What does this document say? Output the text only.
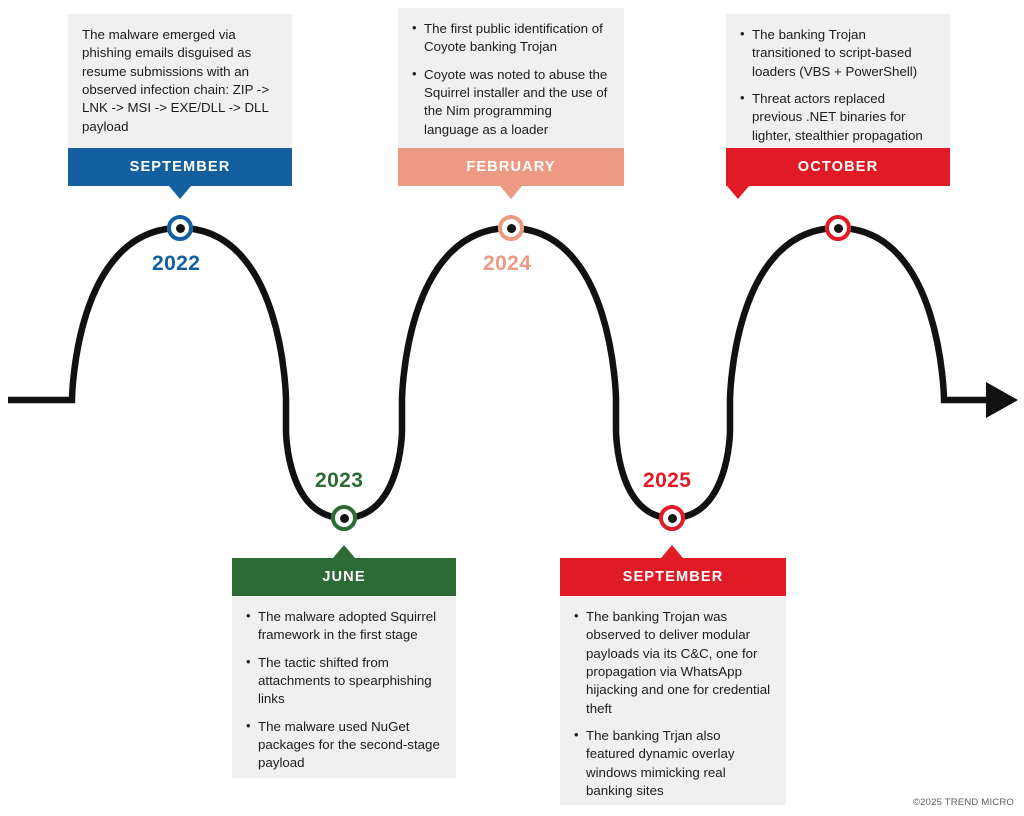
The malware emerged via phishing emails disguised as resume submissions with an observed infection chain: ZIP -> LNK -> MSI -> EXE/DLL -> DLL payload

SEPTEMBER
2022
2023
JUNE
• The malware adopted Squirrel framework in the first stage
• The tactic shifted from attachments to spearphishing links
• The malware used NuGet packages for the second-stage payload
• The first public identification of Coyote banking Trojan
• Coyote was noted to abuse the Squirrel installer and the use of the Nim programming language as a loader
FEBRUARY
2024
2025
SEPTEMBER
• The banking Trojan was observed to deliver modular payloads via its C&C, one for propagation via WhatsApp hijacking and one for credential theft
• The banking Trjan also featured dynamic overlay windows mimicking real banking sites
• The banking Trojan transitioned to script-based loaders (VBS + PowerShell)
• Threat actors replaced previous .NET binaries for lighter, stealthier propagation
OCTOBER
©2025 TREND MICRO
